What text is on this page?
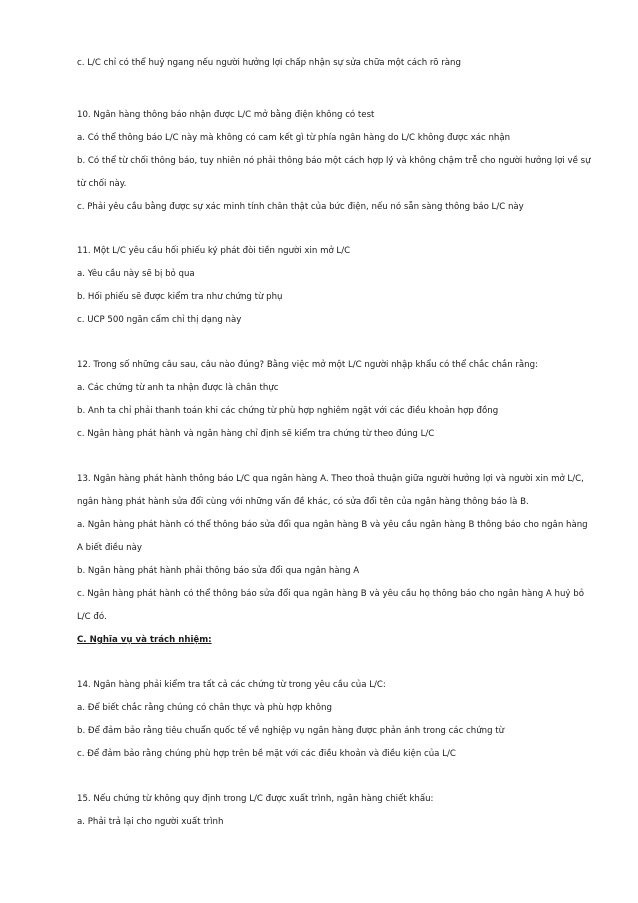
c. L/C chỉ có thể huỷ ngang nếu người hưởng lợi chấp nhận sự sửa chữa một cách rõ ràng
10. Ngân hàng thông báo nhận được L/C mở bằng điện không có test
a. Có thể thông báo L/C này mà không có cam kết gì từ phía ngân hàng do L/C không được xác nhận
b. Có thể từ chối thông báo, tuy nhiên nó phải thông báo một cách hợp lý và không chậm trễ cho người hưởng lợi về sự
từ chối này.
c. Phải yêu cầu bằng được sự xác minh tính chân thật của bức điện, nếu nó sẵn sàng thông báo L/C này
11. Một L/C yêu cầu hối phiếu ký phát đòi tiền người xin mở L/C
a. Yêu cầu này sẽ bị bỏ qua
b. Hối phiếu sẽ được kiểm tra như chứng từ phụ
c. UCP 500 ngăn cấm chỉ thị dạng này
12. Trong số những câu sau, câu nào đúng? Bằng việc mở một L/C người nhập khẩu có thể chắc chắn rằng:
a. Các chứng từ anh ta nhận được là chân thực
b. Anh ta chỉ phải thanh toán khi các chứng từ phù hợp nghiêm ngặt với các điều khoản hợp đồng
c. Ngân hàng phát hành và ngân hàng chỉ định sẽ kiểm tra chứng từ theo đúng L/C
13. Ngân hàng phát hành thông báo L/C qua ngân hàng A. Theo thoả thuận giữa người hưởng lợi và người xin mở L/C,
ngân hàng phát hành sửa đổi cùng với những vấn đề khác, có sửa đổi tên của ngân hàng thông báo là B.
a. Ngân hàng phát hành có thể thông báo sửa đổi qua ngân hàng B và yêu cầu ngân hàng B thông báo cho ngân hàng
A biết điều này
b. Ngân hàng phát hành phải thông báo sửa đổi qua ngân hàng A
c. Ngân hàng phát hành có thể thông báo sửa đổi qua ngân hàng B và yêu cầu họ thông báo cho ngân hàng A huỷ bỏ
L/C đó.
C. Nghĩa vụ và trách nhiệm:
14. Ngân hàng phải kiểm tra tất cả các chứng từ trong yêu cầu của L/C:
a. Để biết chắc rằng chúng có chân thực và phù hợp không
b. Để đảm bảo rằng tiêu chuẩn quốc tế về nghiệp vụ ngân hàng được phản ánh trong các chứng từ
c. Để đảm bảo rằng chúng phù hợp trên bề mặt với các điều khoản và điều kiện của L/C
15. Nếu chứng từ không quy định trong L/C được xuất trình, ngân hàng chiết khấu:
a. Phải trả lại cho người xuất trình
